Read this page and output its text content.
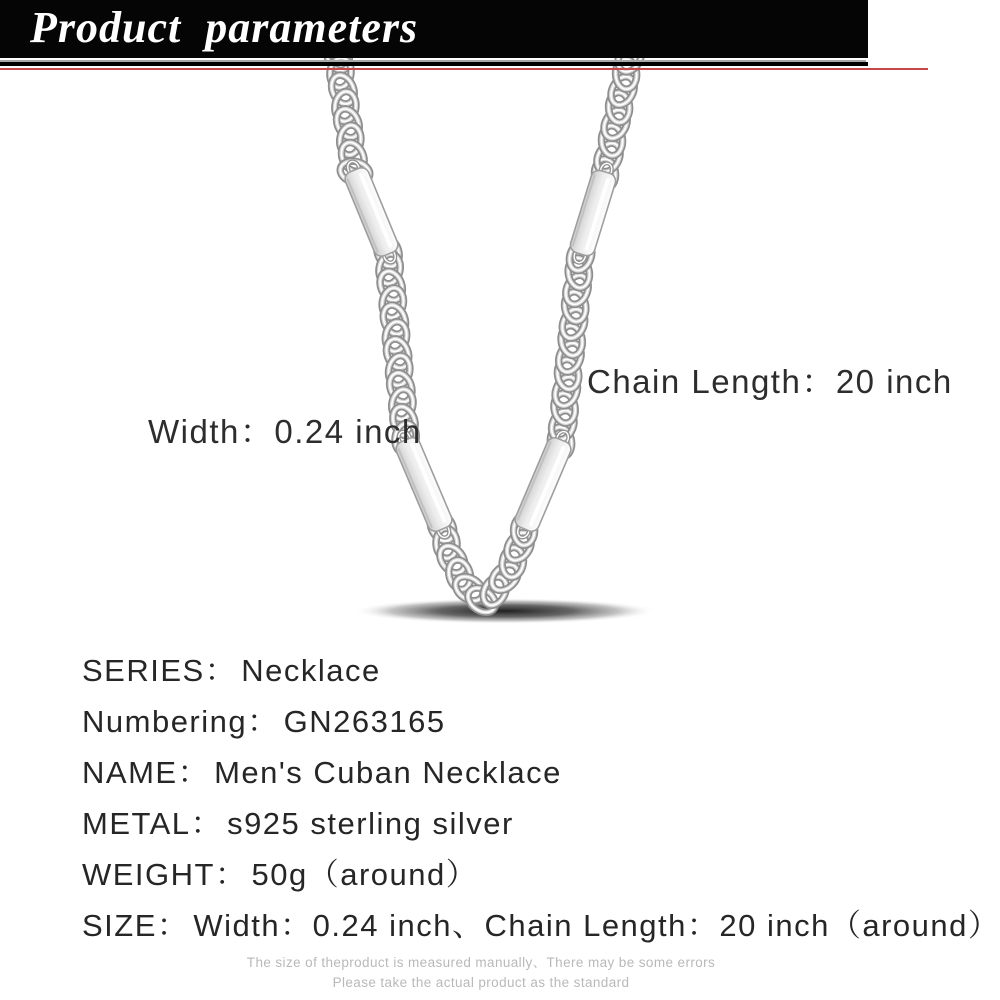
Product parameters
Width：0.24 inch
Chain Length：20 inch
SERIES： Necklace
Numbering： GN263165
NAME： Men's Cuban Necklace
METAL： s925 sterling silver
WEIGHT： 50g（around）
SIZE： Width：0.24 inch、Chain Length：20 inch（around）
The size of theproduct is measured manually、There may be some errors
Please take the actual product as the standard
